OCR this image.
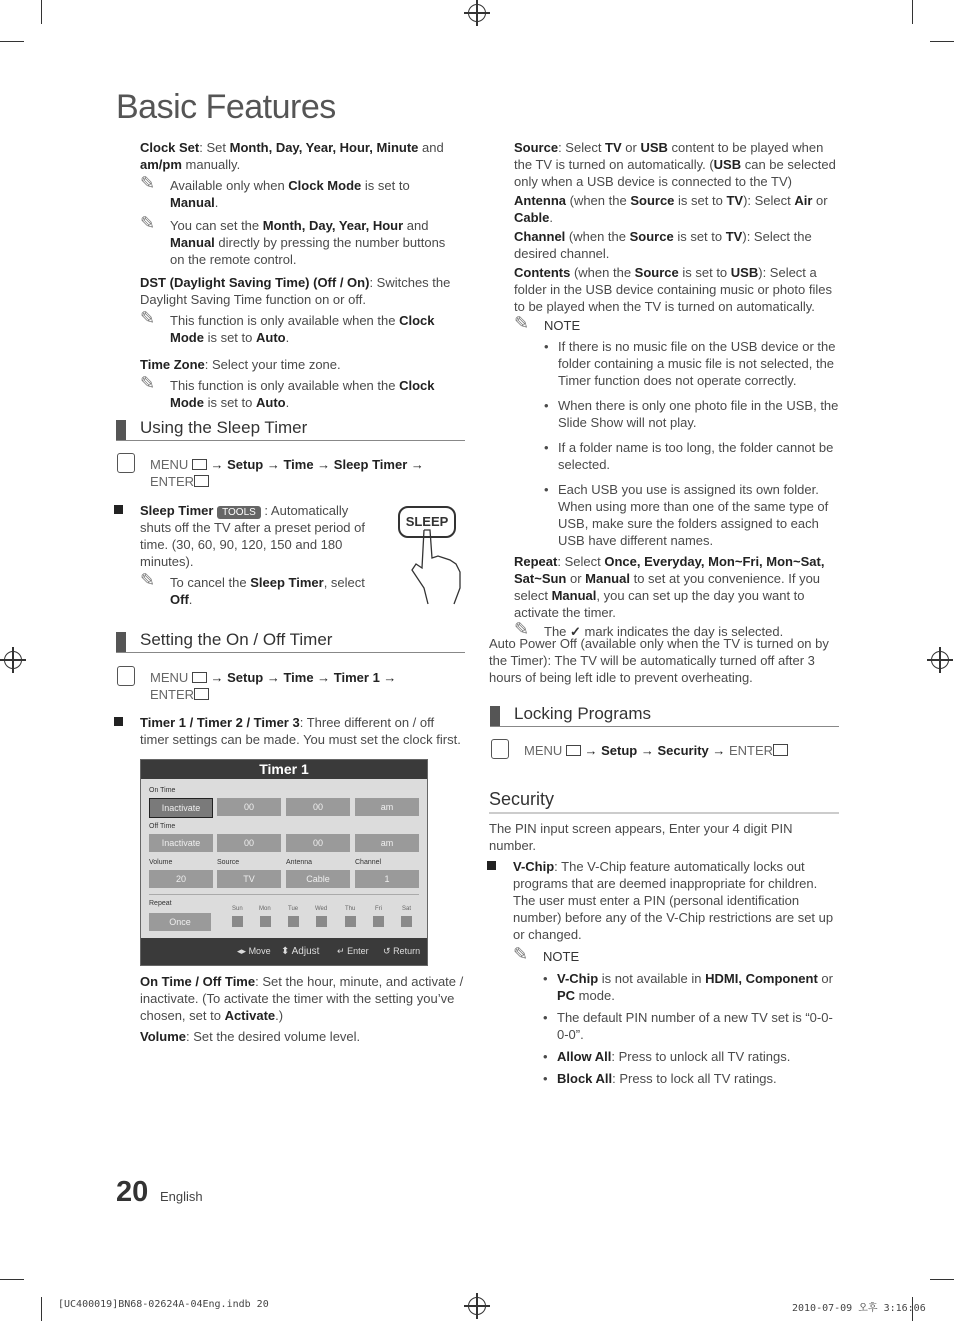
Basic Features

Clock Set: Set Month, Day, Year, Hour, Minute and am/pm manually.

✎ Available only when Clock Mode is set to Manual.
✎ You can set the Month, Day, Year, Hour and Manual directly by pressing the number buttons on the remote control.

DST (Daylight Saving Time) (Off / On): Switches the Daylight Saving Time function on or off.

✎ This function is only available when the Clock Mode is set to Auto.

Time Zone: Select your time zone.

✎ This function is only available when the Clock Mode is set to Auto.
Using the Sleep Timer
MENU  → Setup → Time → Sleep Timer →
ENTER
Sleep Timer TOOLS : Automatically shuts off the TV after a preset period of time. (30, 60, 90, 120, 150 and 180 minutes).
✎ To cancel the Sleep Timer, select Off.
SLEEP
Setting the On / Off Timer
MENU  → Setup → Time → Timer 1 →
ENTER
Timer 1 / Timer 2 / Timer 3: Three different on / off timer settings can be made. You must set the clock first.
Timer 1
On Time
Inactivate	00	00	am
Off Time
Inactivate	00	00	am
Volume	Source	Antenna	Channel
20	TV	Cable	1
Repeat
Once
Sun	Mon	Tue	Wed	Thu	Fri	Sat
◂▸ Move ⬍ Adjust ↵ Enter ↺ Return

On Time / Off Time: Set the hour, minute, and activate / inactivate. (To activate the timer with the setting you’ve chosen, set to Activate.)

Volume: Set the desired volume level.

Source: Select TV or USB content to be played when the TV is turned on automatically. (USB can be selected only when a USB device is connected to the TV)

Antenna (when the Source is set to TV): Select Air or Cable.

Channel (when the Source is set to TV): Select the desired channel.

Contents (when the Source is set to USB): Select a folder in the USB device containing music or photo files to be played when the TV is turned on automatically.

✎ NOTE
• If there is no music file on the USB device or the folder containing a music file is not selected, the Timer function does not operate correctly.
• When there is only one photo file in the USB, the Slide Show will not play.
• If a folder name is too long, the folder cannot be selected.
• Each USB you use is assigned its own folder. When using more than one of the same type of USB, make sure the folders assigned to each USB have different names.

Repeat: Select Once, Everyday, Mon~Fri, Mon~Sat, Sat~Sun or Manual to set at you convenience. If you select Manual, you can set up the day you want to activate the timer.

✎ The ✓ mark indicates the day is selected.
Auto Power Off (available only when the TV is turned on by the Timer): The TV will be automatically turned off after 3 hours of being left idle to prevent overheating.
Locking Programs
MENU  → Setup → Security → ENTER
Security

The PIN input screen appears, Enter your 4 digit PIN number.

V-Chip: The V-Chip feature automatically locks out programs that are deemed inappropriate for children. The user must enter a PIN (personal identification number) before any of the V-Chip restrictions are set up or changed.
✎ NOTE
• V-Chip is not available in HDMI, Component or PC mode.
• The default PIN number of a new TV set is “0-0-0-0”.
• Allow All: Press to unlock all TV ratings.
• Block All: Press to lock all TV ratings.
20 English
[UC400019]BN68-02624A-04Eng.indb 20	2010-07-09 오후 3:16:06
